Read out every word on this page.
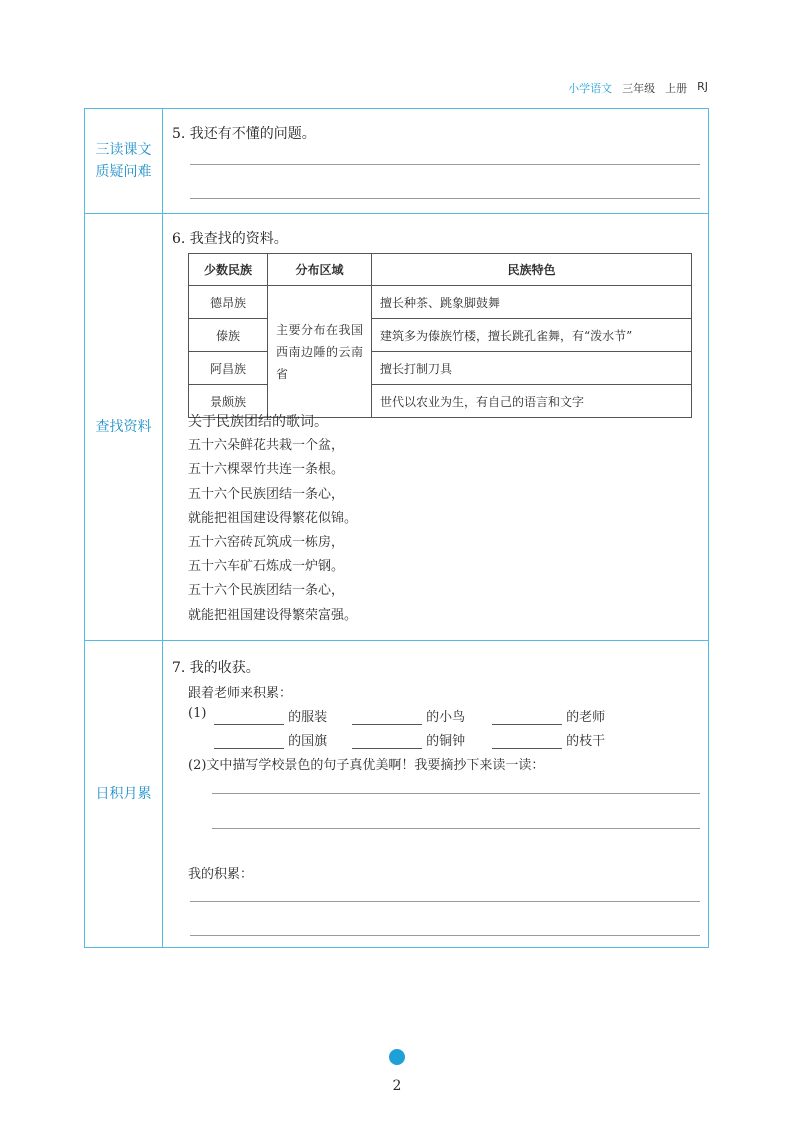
小学语文 三年级 上册 RJ
三读课文
质疑问难
5. 我还有不懂的问题。
查找资料
6. 我查找的资料。
少数民族	分布区域	民族特色
德昂族	主要分布在我国西南边陲的云南省	擅长种茶、跳象脚鼓舞
傣族		建筑多为傣族竹楼，擅长跳孔雀舞，有“泼水节”
阿昌族		擅长打制刀具
景颇族		世代以农业为生，有自己的语言和文字
关于民族团结的歌词。
五十六朵鲜花共栽一个盆，
五十六棵翠竹共连一条根。
五十六个民族团结一条心，
就能把祖国建设得繁花似锦。
五十六窑砖瓦筑成一栋房，
五十六车矿石炼成一炉钢。
五十六个民族团结一条心，
就能把祖国建设得繁荣富强。
日积月累
7. 我的收获。
跟着老师来积累：
(1)	的服装	的小鸟	的老师
的国旗	的铜钟	的枝干
(2)文中描写学校景色的句子真优美啊！我要摘抄下来读一读：
我的积累：
2
